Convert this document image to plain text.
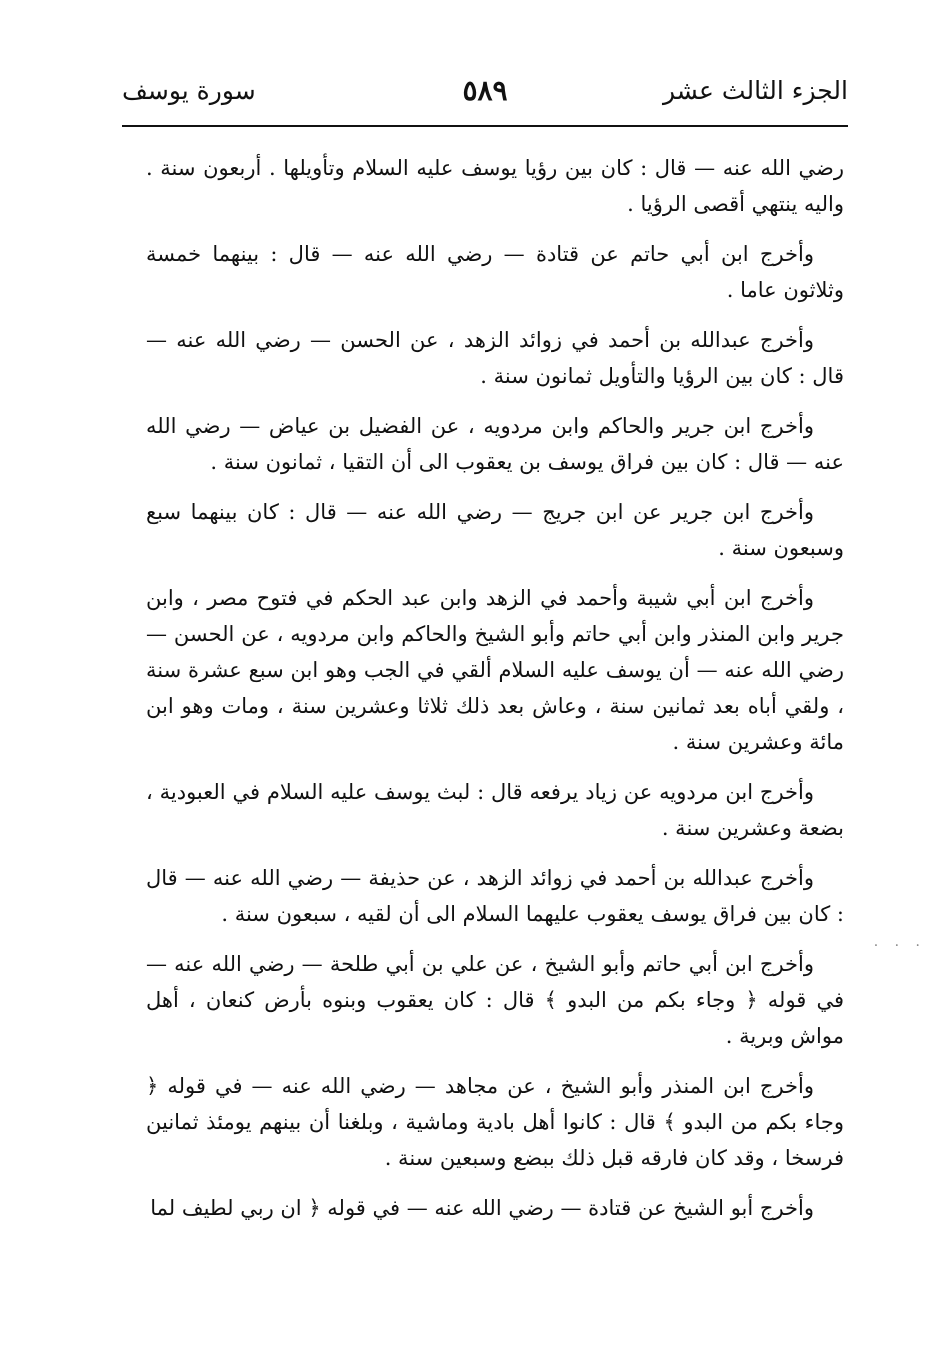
الجزء الثالث عشر
٥٨٩
سورة يوسف

رضي الله عنه — قال : كان بين رؤيا يوسف عليه السلام وتأويلها . أربعون سنة . واليه ينتهي أقصى الرؤيا .

وأخرج ابن أبي حاتم عن قتادة — رضي الله عنه — قال : بينهما خمسة وثلاثون عاما .

وأخرج عبدالله بن أحمد في زوائد الزهد ، عن الحسن — رضي الله عنه — قال : كان بين الرؤيا والتأويل ثمانون سنة .

وأخرج ابن جرير والحاكم وابن مردويه ، عن الفضيل بن عياض — رضي الله عنه — قال : كان بين فراق يوسف بن يعقوب الى أن التقيا ، ثمانون سنة .

وأخرج ابن جرير عن ابن جريج — رضي الله عنه — قال : كان بينهما سبع وسبعون سنة .

وأخرج ابن أبي شيبة وأحمد في الزهد وابن عبد الحكم في فتوح مصر ، وابن جرير وابن المنذر وابن أبي حاتم وأبو الشيخ والحاكم وابن مردويه ، عن الحسن — رضي الله عنه — أن يوسف عليه السلام ألقي في الجب وهو ابن سبع عشرة سنة ، ولقي أباه بعد ثمانين سنة ، وعاش بعد ذلك ثلاثا وعشرين سنة ، ومات وهو ابن مائة وعشرين سنة .

وأخرج ابن مردويه عن زياد يرفعه قال : لبث يوسف عليه السلام في العبودية ، بضعة وعشرين سنة .

وأخرج عبدالله بن أحمد في زوائد الزهد ، عن حذيفة — رضي الله عنه — قال : كان بين فراق يوسف يعقوب عليهما السلام الى أن لقيه ، سبعون سنة .

وأخرج ابن أبي حاتم وأبو الشيخ ، عن علي بن أبي طلحة — رضي الله عنه — في قوله ﴿ وجاء بكم من البدو ﴾ قال : كان يعقوب وبنوه بأرض كنعان ، أهل مواش وبرية .

وأخرج ابن المنذر وأبو الشيخ ، عن مجاهد — رضي الله عنه — في قوله ﴿ وجاء بكم من البدو ﴾ قال : كانوا أهل بادية وماشية ، وبلغنا أن بينهم يومئذ ثمانين فرسخا ، وقد كان فارقه قبل ذلك ببضع وسبعين سنة .

وأخرج أبو الشيخ عن قتادة — رضي الله عنه — في قوله ﴿ ان ربي لطيف لما

· · ·
